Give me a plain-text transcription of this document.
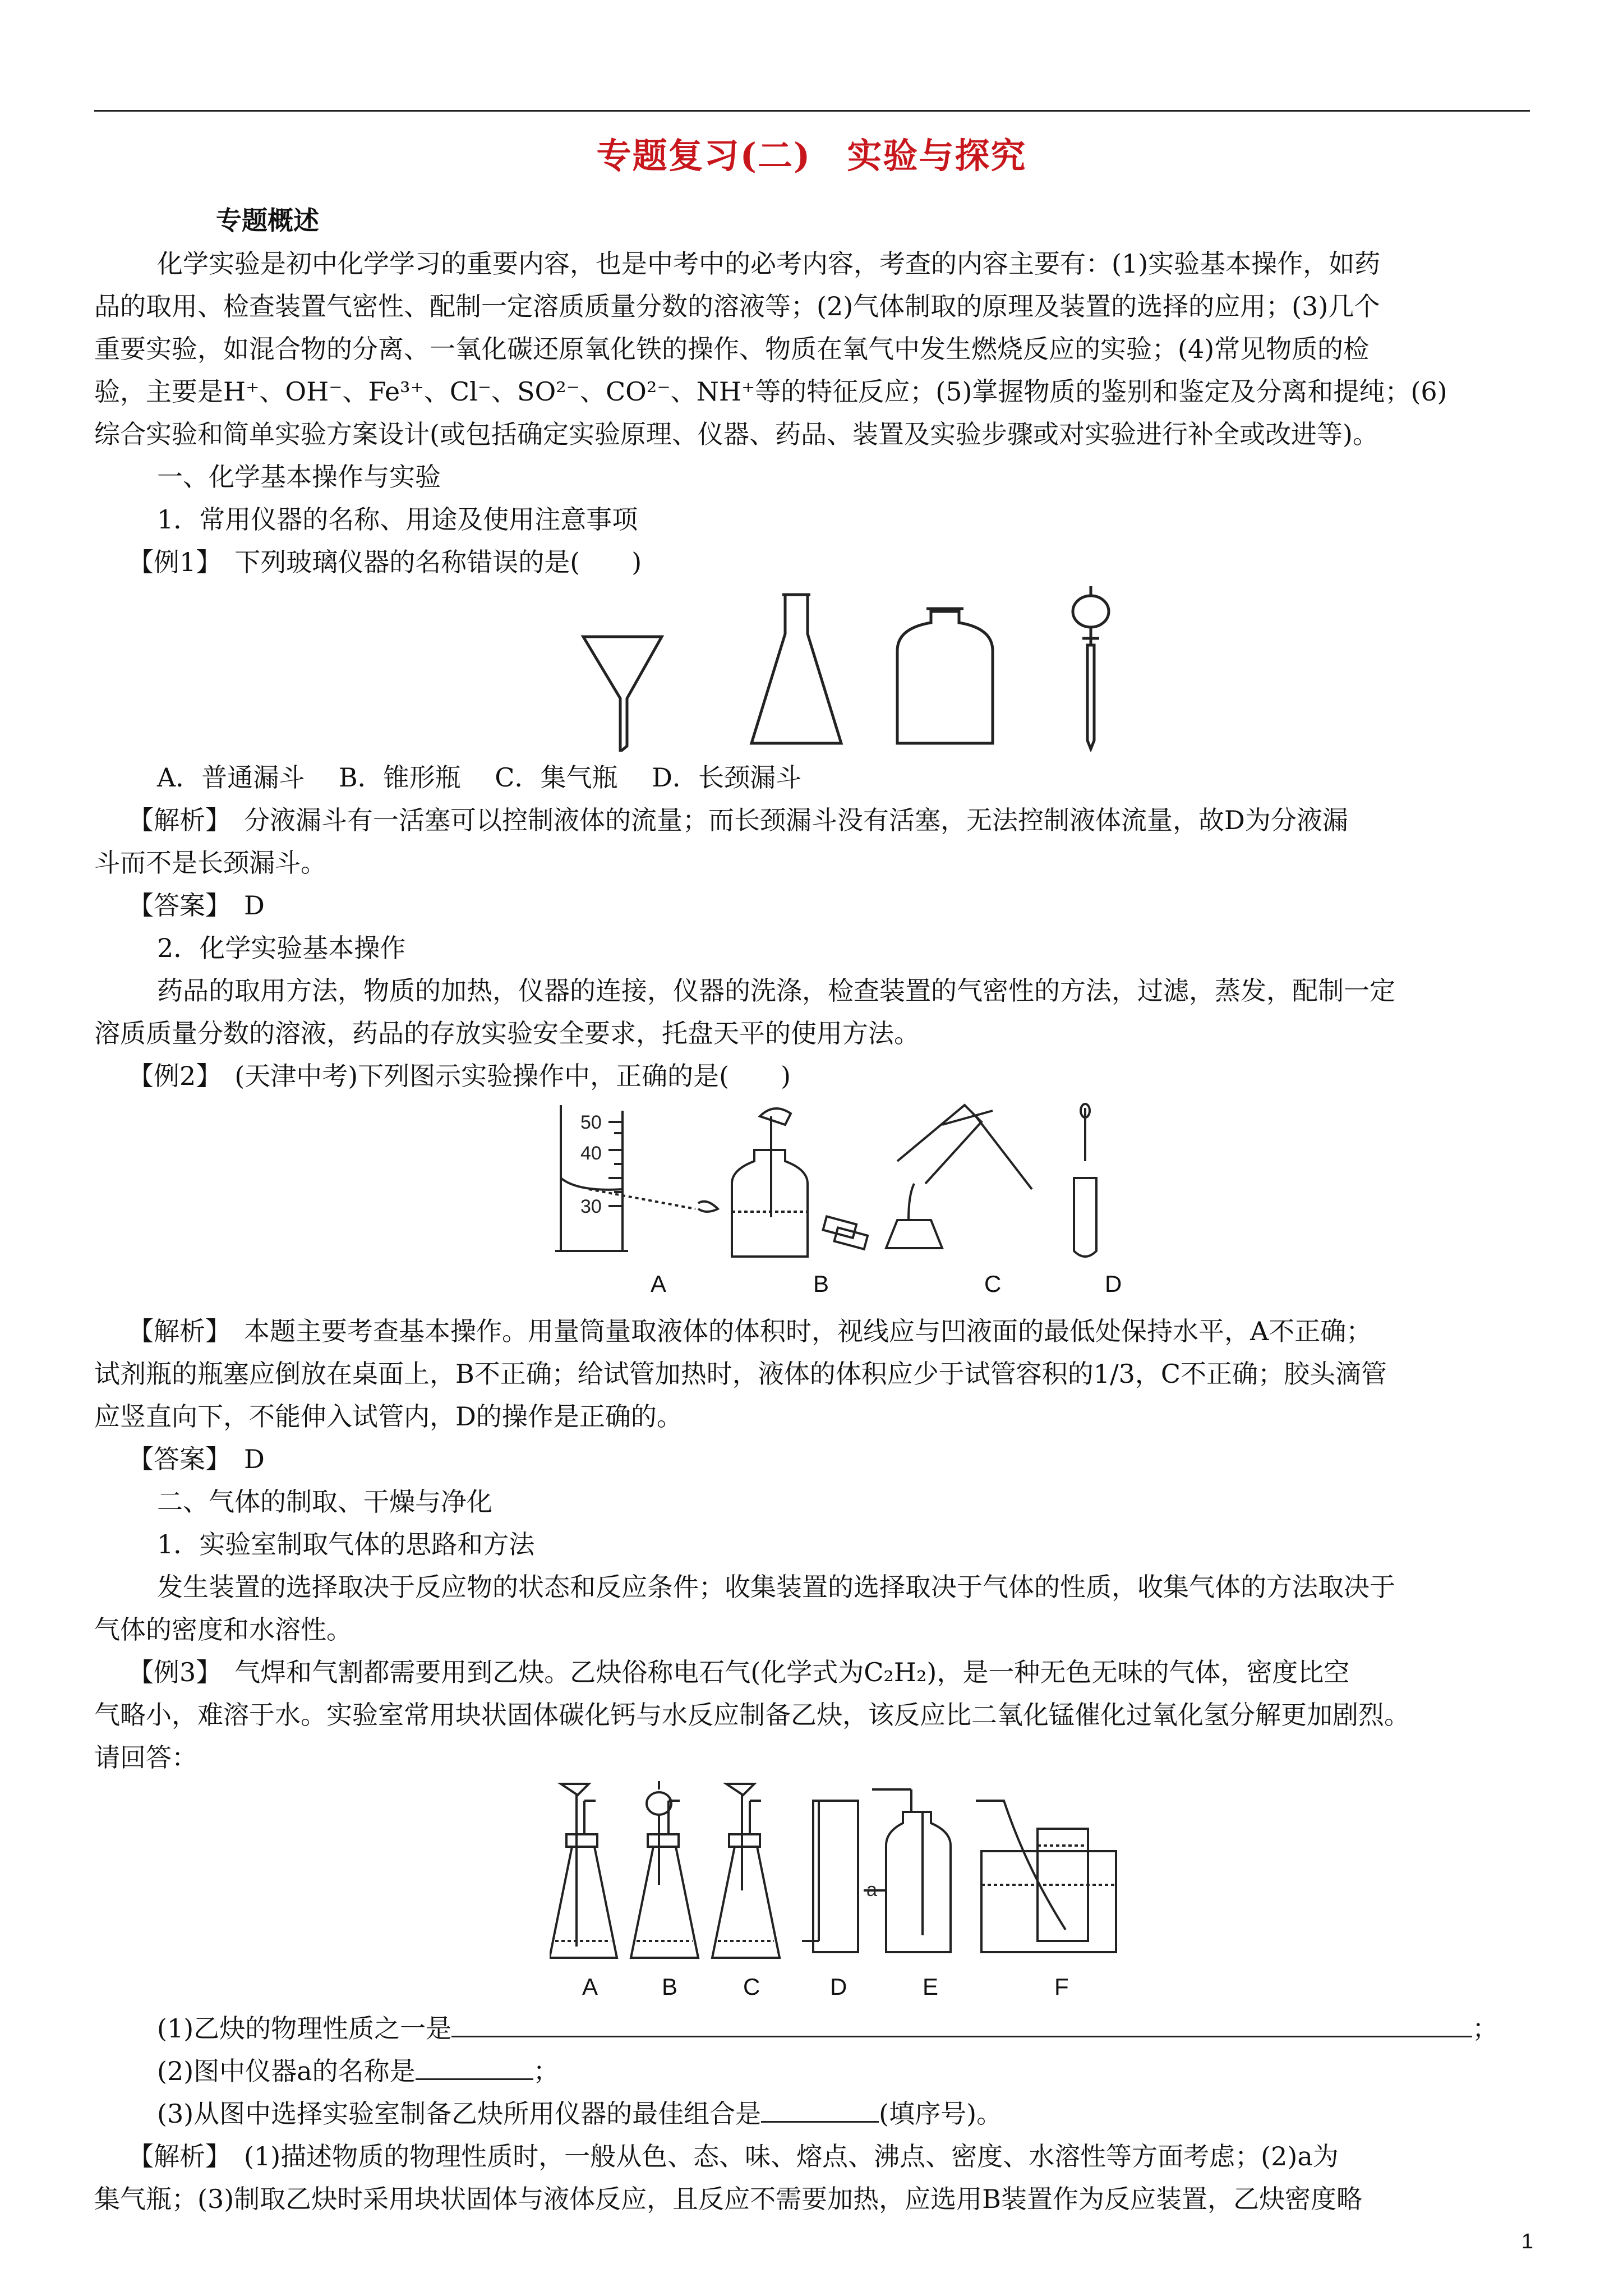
专题复习(二)　实验与探究
专题概述
化学实验是初中化学学习的重要内容，也是中考中的必考内容，考查的内容主要有：(1)实验基本操作，如药
品的取用、检查装置气密性、配制一定溶质质量分数的溶液等；(2)气体制取的原理及装置的选择的应用；(3)几个
重要实验，如混合物的分离、一氧化碳还原氧化铁的操作、物质在氧气中发生燃烧反应的实验；(4)常见物质的检
验，主要是H⁺、OH⁻、Fe³⁺、Cl⁻、SO²⁻、CO²⁻、NH⁺等的特征反应；(5)掌握物质的鉴别和鉴定及分离和提纯；(6)
综合实验和简单实验方案设计(或包括确定实验原理、仪器、药品、装置及实验步骤或对实验进行补全或改进等)。
一、化学基本操作与实验
1．常用仪器的名称、用途及使用注意事项
【例1】　下列玻璃仪器的名称错误的是(　　)
A．普通漏斗　 B．锥形瓶　 C．集气瓶　 D．长颈漏斗
【解析】　分液漏斗有一活塞可以控制液体的流量；而长颈漏斗没有活塞，无法控制液体流量，故D为分液漏
斗而不是长颈漏斗。
【答案】　D
2．化学实验基本操作
药品的取用方法，物质的加热，仪器的连接，仪器的洗涤，检查装置的气密性的方法，过滤，蒸发，配制一定
溶质质量分数的溶液，药品的存放实验安全要求，托盘天平的使用方法。
【例2】　(天津中考)下列图示实验操作中，正确的是(　　)
50
40
30
A	B	C	D
【解析】　本题主要考查基本操作。用量筒量取液体的体积时，视线应与凹液面的最低处保持水平，A不正确；
试剂瓶的瓶塞应倒放在桌面上，B不正确；给试管加热时，液体的体积应少于试管容积的1/3，C不正确；胶头滴管
应竖直向下，不能伸入试管内，D的操作是正确的。
【答案】　D
二、气体的制取、干燥与净化
1．实验室制取气体的思路和方法
发生装置的选择取决于反应物的状态和反应条件；收集装置的选择取决于气体的性质，收集气体的方法取决于
气体的密度和水溶性。
【例3】　气焊和气割都需要用到乙炔。乙炔俗称电石气(化学式为C₂H₂)，是一种无色无味的气体，密度比空
气略小，难溶于水。实验室常用块状固体碳化钙与水反应制备乙炔，该反应比二氧化锰催化过氧化氢分解更加剧烈。
请回答：
a
A	B	C	D	E	F
(1)乙炔的物理性质之一是	；
(2)图中仪器a的名称是	；
(3)从图中选择实验室制备乙炔所用仪器的最佳组合是	(填序号)。
【解析】　(1)描述物质的物理性质时，一般从色、态、味、熔点、沸点、密度、水溶性等方面考虑；(2)a为
集气瓶；(3)制取乙炔时采用块状固体与液体反应，且反应不需要加热，应选用B装置作为反应装置，乙炔密度略
1
